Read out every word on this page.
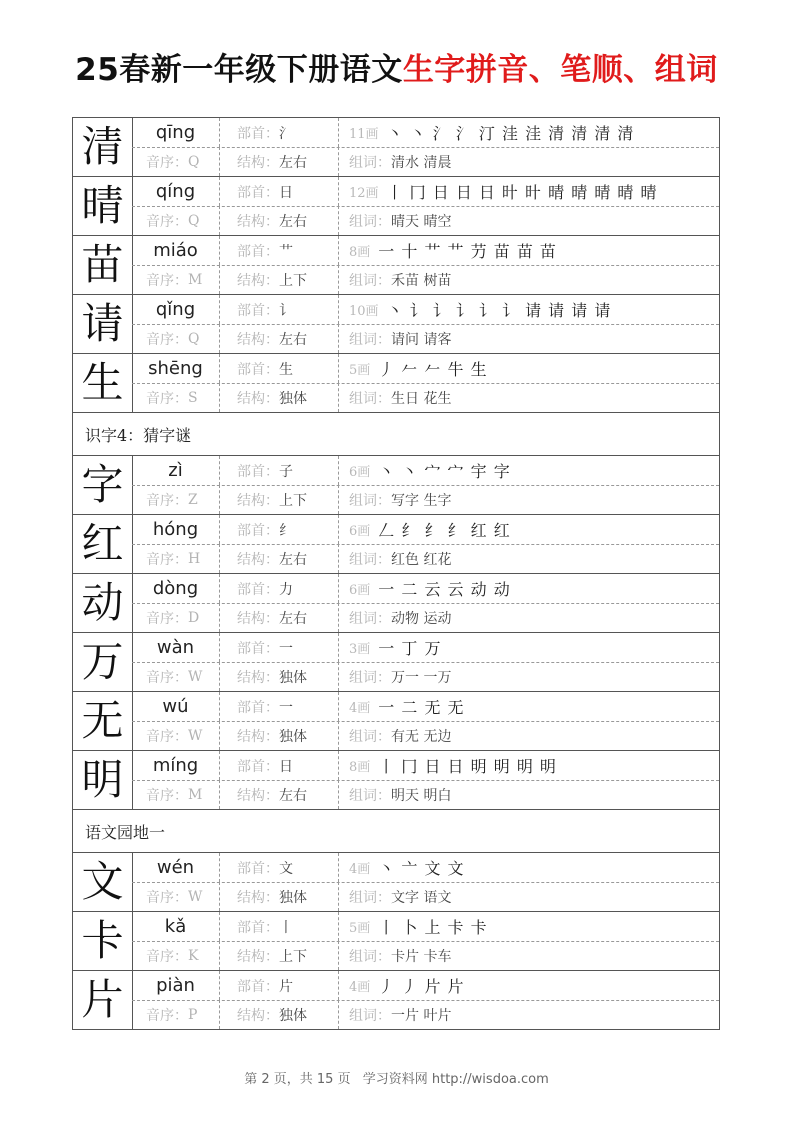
25春新一年级下册语文生字拼音、笔顺、组词
清	qīng	部首： 氵	11画 丶 丶 氵 氵 汀 洼 洼 清 清 清 清
音序： Q	结构： 左右	组词： 清水 清晨
晴	qíng	部首： 日	12画 丨 冂 日 日 日 旪 旪 晴 晴 晴 晴 晴
音序： Q	结构： 左右	组词： 晴天 晴空
苗	miáo	部首： 艹	8画 一 十 艹 艹 芀 苗 苗 苗
音序： M 结构： 上下	组词： 禾苗 树苗
请	qǐng	部首： 讠	10画 丶 讠 讠 讠 讠 讠 请 请 请 请
音序： Q	结构： 左右	组词： 请问 请客
生	shēng	部首： 生	5画 丿 𠂉 𠂉 牛 生
音序： S	结构： 独体	组词： 生日 花生
识字4：猜字谜
字	zì	部首： 子	6画 丶 丶 宀 宀 宇 字
音序： Z	结构： 上下	组词： 写字 生字
红	hóng	部首： 纟	6画 𠃋 纟 纟 纟 红 红
音序： H	结构： 左右	组词： 红色 红花
动	dòng	部首： 力	6画 一 二 云 云 动 动
音序： D	结构： 左右	组词： 动物 运动
万	wàn	部首： 一	3画 一 丁 万
音序： W 结构： 独体	组词： 万一 一万
无	wú	部首： 一	4画 一 二 无 无
音序： W 结构： 独体	组词： 有无 无边
明	míng	部首： 日	8画 丨 冂 日 日 明 明 明 明
音序： M 结构： 左右	组词： 明天 明白
语文园地一
文	wén	部首： 文	4画 丶 亠 文 文
音序： W 结构： 独体	组词： 文字 语文
卡	kǎ	部首： 丨	5画 丨 卜 上 卡 卡
音序： K	结构： 上下	组词： 卡片 卡车
片	piàn	部首： 片	4画 丿 丿 片 片
音序： P	结构： 独体	组词： 一片 叶片
第 2 页，共 15 页 学习资料网 http://wisdoa.com
